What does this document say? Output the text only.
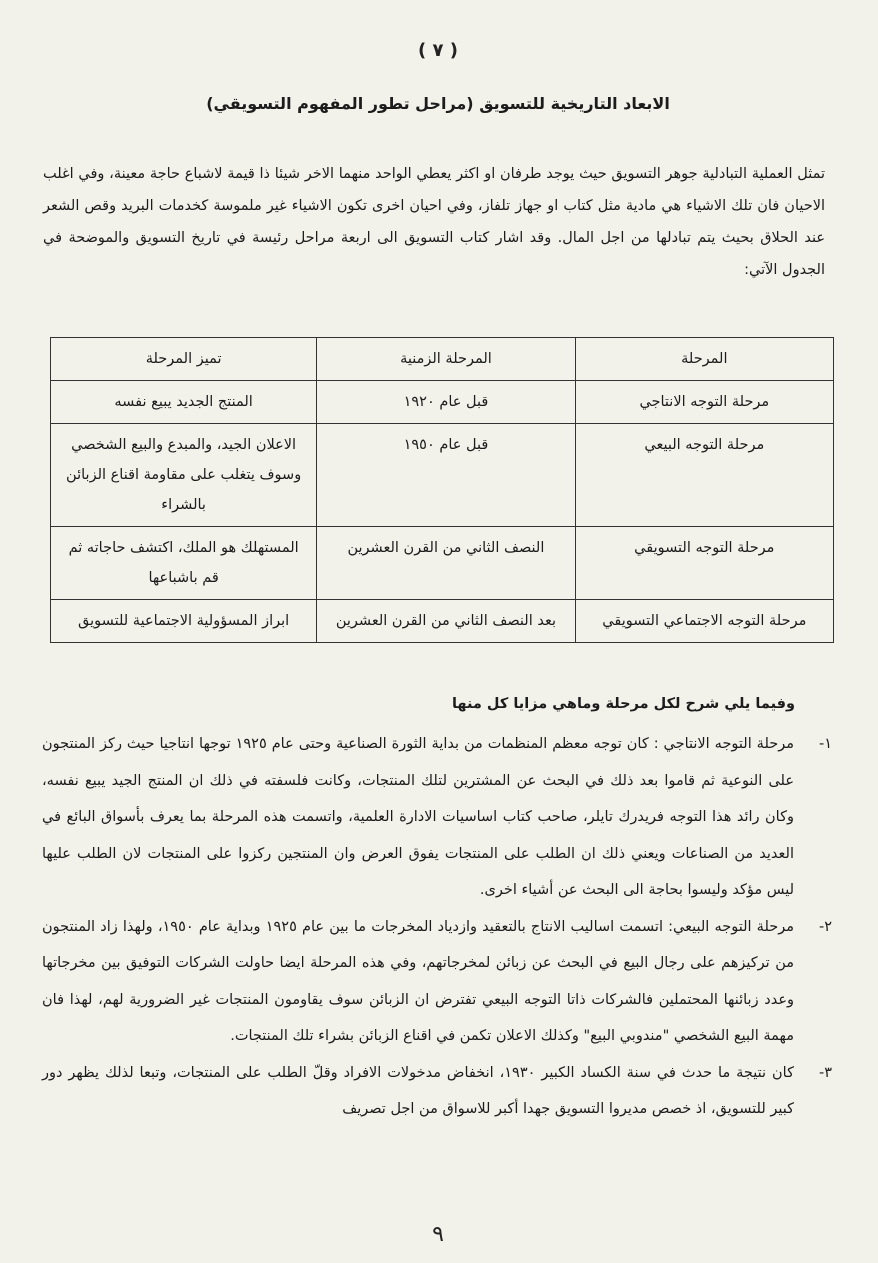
( ٧ )
الابعاد التاريخية للتسويق (مراحل تطور المفهوم التسويقي)

تمثل العملية التبادلية جوهر التسويق حيث يوجد طرفان او اكثر يعطي الواحد منهما الاخر شيئا ذا قيمة لاشباع حاجة معينة، وفي اغلب الاحيان فان تلك الاشياء هي مادية مثل كتاب او جهاز تلفاز، وفي احيان اخرى تكون الاشياء غير ملموسة كخدمات البريد وقص الشعر عند الحلاق بحيث يتم تبادلها من اجل المال. وقد اشار كتاب التسويق الى اربعة مراحل رئيسة في تاريخ التسويق والموضحة في الجدول الآتي:

المرحلة	المرحلة الزمنية	تميز المرحلة
مرحلة التوجه الانتاجي	قبل عام ١٩٢٠	المنتج الجديد يبيع نفسه
مرحلة التوجه البيعي	قبل عام ١٩٥٠	الاعلان الجيد، والمبدع والبيع الشخصي وسوف يتغلب على مقاومة اقناع الزبائن بالشراء
مرحلة التوجه التسويقي	النصف الثاني من القرن العشرين	المستهلك هو الملك، اكتشف حاجاته ثم قم باشباعها
مرحلة التوجه الاجتماعي التسويقي	بعد النصف الثاني من القرن العشرين	ابراز المسؤولية الاجتماعية للتسويق
وفيما يلي شرح لكل مرحلة وماهي مزايا كل منها
١-
مرحلة التوجه الانتاجي : كان توجه معظم المنظمات من بداية الثورة الصناعية وحتى عام ١٩٢٥ توجها انتاجيا حيث ركز المنتجون على النوعية ثم قاموا بعد ذلك في البحث عن المشترين لتلك المنتجات، وكانت فلسفته في ذلك ان المنتج الجيد يبيع نفسه، وكان رائد هذا التوجه فريدرك تايلر، صاحب كتاب اساسيات الادارة العلمية، واتسمت هذه المرحلة بما يعرف بأسواق البائع في العديد من الصناعات ويعني ذلك ان الطلب على المنتجات يفوق العرض وان المنتجين ركزوا على المنتجات لان الطلب عليها ليس مؤكد وليسوا بحاجة الى البحث عن أشياء اخرى.
٢-
مرحلة التوجه البيعي: اتسمت اساليب الانتاج بالتعقيد وازدياد المخرجات ما بين عام ١٩٢٥ وبداية عام ١٩٥٠، ولهذا زاد المنتجون من تركيزهم على رجال البيع في البحث عن زبائن لمخرجاتهم، وفي هذه المرحلة ايضا حاولت الشركات التوفيق بين مخرجاتها وعدد زبائنها المحتملين فالشركات ذاتا التوجه البيعي تفترض ان الزبائن سوف يقاومون المنتجات غير الضرورية لهم، لهذا فان مهمة البيع الشخصي "مندوبي البيع" وكذلك الاعلان تكمن في اقناع الزبائن بشراء تلك المنتجات.
٣-
كان نتيجة ما حدث في سنة الكساد الكبير ١٩٣٠، انخفاض مدخولات الافراد وقلّ الطلب على المنتجات، وتبعا لذلك يظهر دور كبير للتسويق، اذ خصص مديروا التسويق جهدا أكبر للاسواق من اجل تصريف
٩
